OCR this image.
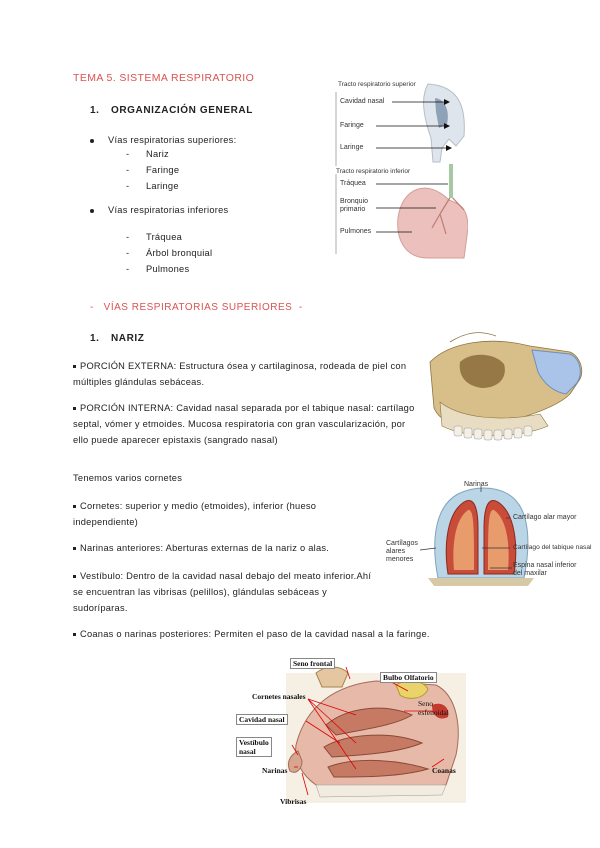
TEMA 5. SISTEMA RESPIRATORIO
1. ORGANIZACIÓN GENERAL
Vías respiratorias superiores:
- Nariz
- Faringe
- Laringe
Vías respiratorias inferiores
- Tráquea
- Árbol bronquial
- Pulmones
Tracto respiratorio superior
Cavidad nasal
Faringe
Laringe
Tracto respiratorio inferior
Tráquea
Bronquio
primario
Pulmones
-   VÍAS RESPIRATORIAS SUPERIORES  -
1. NARIZ
PORCIÓN EXTERNA: Estructura ósea y cartilaginosa, rodeada de piel con múltiples glándulas sebáceas.
PORCIÓN INTERNA: Cavidad nasal separada por el tabique nasal: cartílago septal, vómer y etmoides. Mucosa respiratoria con gran vascularización, por ello puede aparecer epistaxis (sangrado nasal)
Tenemos varios cornetes
Cornetes: superior y medio (etmoides), inferior (hueso independiente)
Narinas anteriores: Aberturas externas de la nariz o alas.
Vestíbulo: Dentro de la cavidad nasal debajo del meato inferior.Ahí se encuentran las vibrisas (pelillos), glándulas sebáceas y sudoríparas.
Coanas o narinas posteriores: Permiten el paso de la cavidad nasal a la faringe.
Narinas
Cartílago alar mayor
Cartílagos
alares
menores
Cartílago del tabique nasal
Espina nasal inferior
del maxilar
Seno frontal
Bulbo Olfatorio
Cornetes nasales
Seno
esfenoidal
Cavidad nasal
Vestíbulo
nasal
Narinas	Coanas
Vibrisas
